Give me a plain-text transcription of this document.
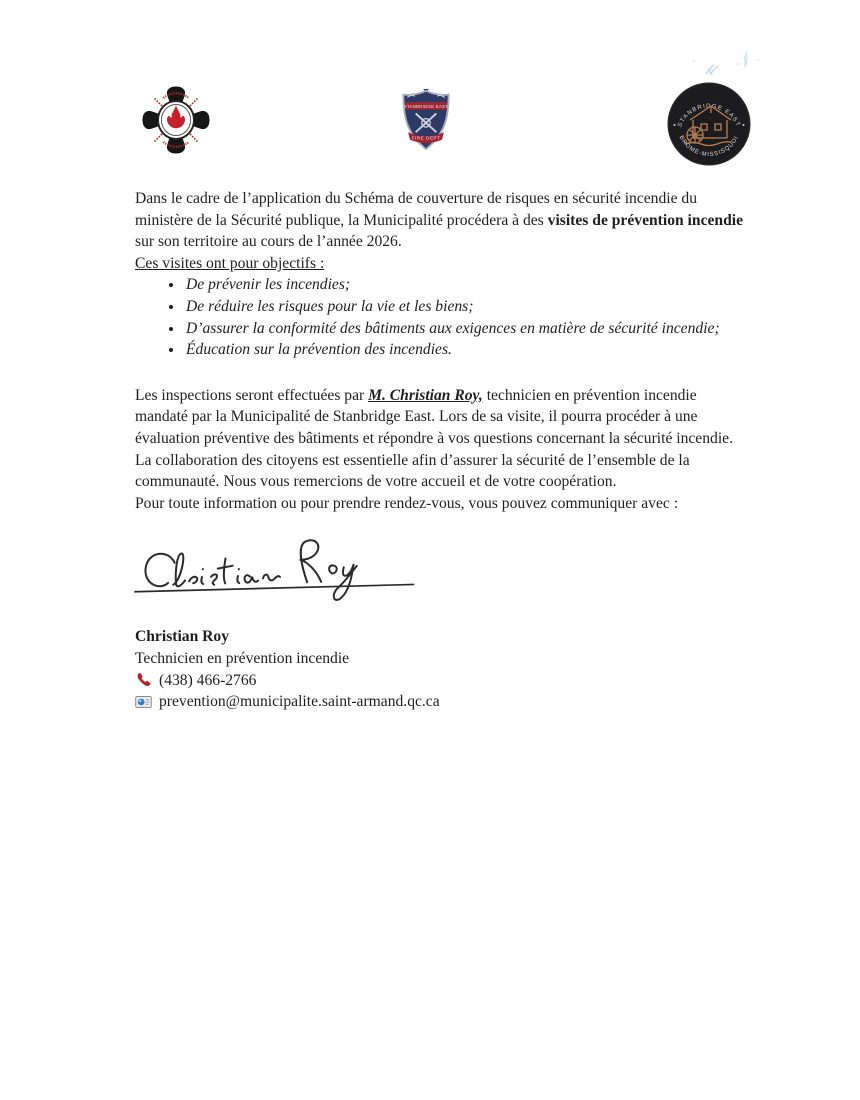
STANBRIDGE EAST
FIRE DEPT
STANBRIDGE EAST
BROME-MISSISQUOI

Dans le cadre de l’application du Schéma de couverture de risques en sécurité incendie du ministère de la Sécurité publique, la Municipalité procédera à des visites de prévention incendie sur son territoire au cours de l’année 2026.

Ces visites ont pour objectifs :

• De prévenir les incendies;
• De réduire les risques pour la vie et les biens;
• D’assurer la conformité des bâtiments aux exigences en matière de sécurité incendie;
• Éducation sur la prévention des incendies.

Les inspections seront effectuées par M. Christian Roy, technicien en prévention incendie mandaté par la Municipalité de Stanbridge East. Lors de sa visite, il pourra procéder à une évaluation préventive des bâtiments et répondre à vos questions concernant la sécurité incendie.

La collaboration des citoyens est essentielle afin d’assurer la sécurité de l’ensemble de la communauté. Nous vous remercions de votre accueil et de votre coopération.

Pour toute information ou pour prendre rendez-vous, vous pouvez communiquer avec :

Christian Roy
Technicien en prévention incendie
(438) 466-2766
prevention@municipalite.saint-armand.qc.ca
